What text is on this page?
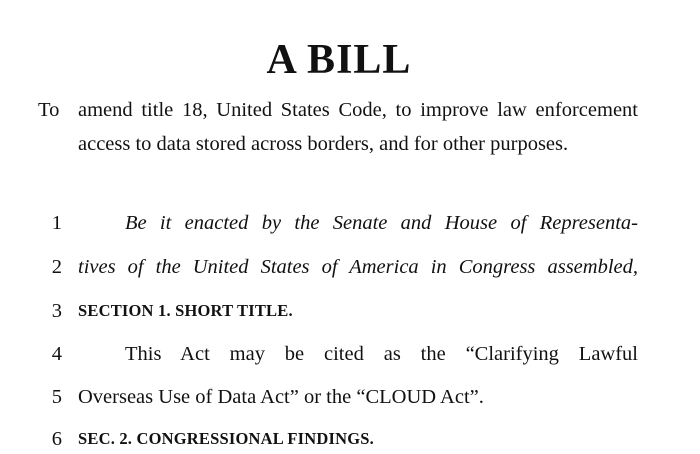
A BILL
To amend title 18, United States Code, to improve law enforcement access to data stored across borders, and for other purposes.
1	Be it enacted by the Senate and House of Representa-
2 tives of the United States of America in Congress assembled,
3 SECTION 1. SHORT TITLE.
4	This Act may be cited as the “Clarifying Lawful
5 Overseas Use of Data Act” or the “CLOUD Act”.
6 SEC. 2. CONGRESSIONAL FINDINGS.
